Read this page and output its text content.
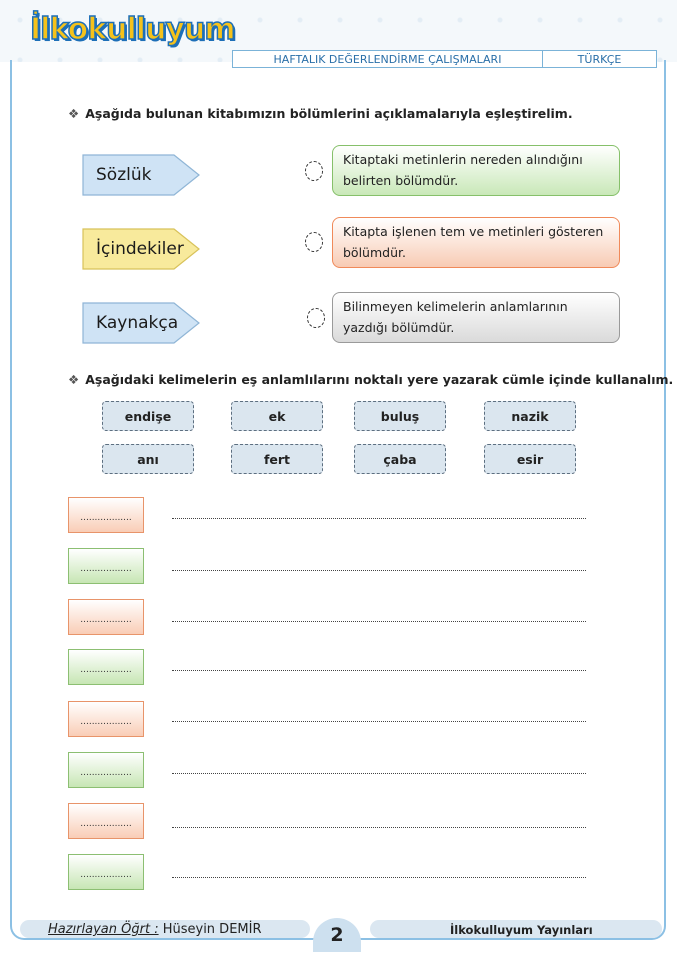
İlkokulluyum
HAFTALIK DEĞERLENDİRME ÇALIŞMALARI	TÜRKÇE
❖ Aşağıda bulunan kitabımızın bölümlerini açıklamalarıyla eşleştirelim.
Sözlük
İçindekiler
Kaynakça
Kitaptaki metinlerin nereden alındığını belirten bölümdür.
Kitapta işlenen tem ve metinleri gösteren bölümdür.
Bilinmeyen kelimelerin anlamlarının yazdığı bölümdür.
❖ Aşağıdaki kelimelerin eş anlamlılarını noktalı yere yazarak cümle içinde kullanalım.
endişe	ek	buluş	nazik
anı	fert	çaba	esir
..................
..................
..................
..................
..................
..................
..................
..................
Hazırlayan Öğrt : Hüseyin DEMİR	2	İlkokulluyum Yayınları
